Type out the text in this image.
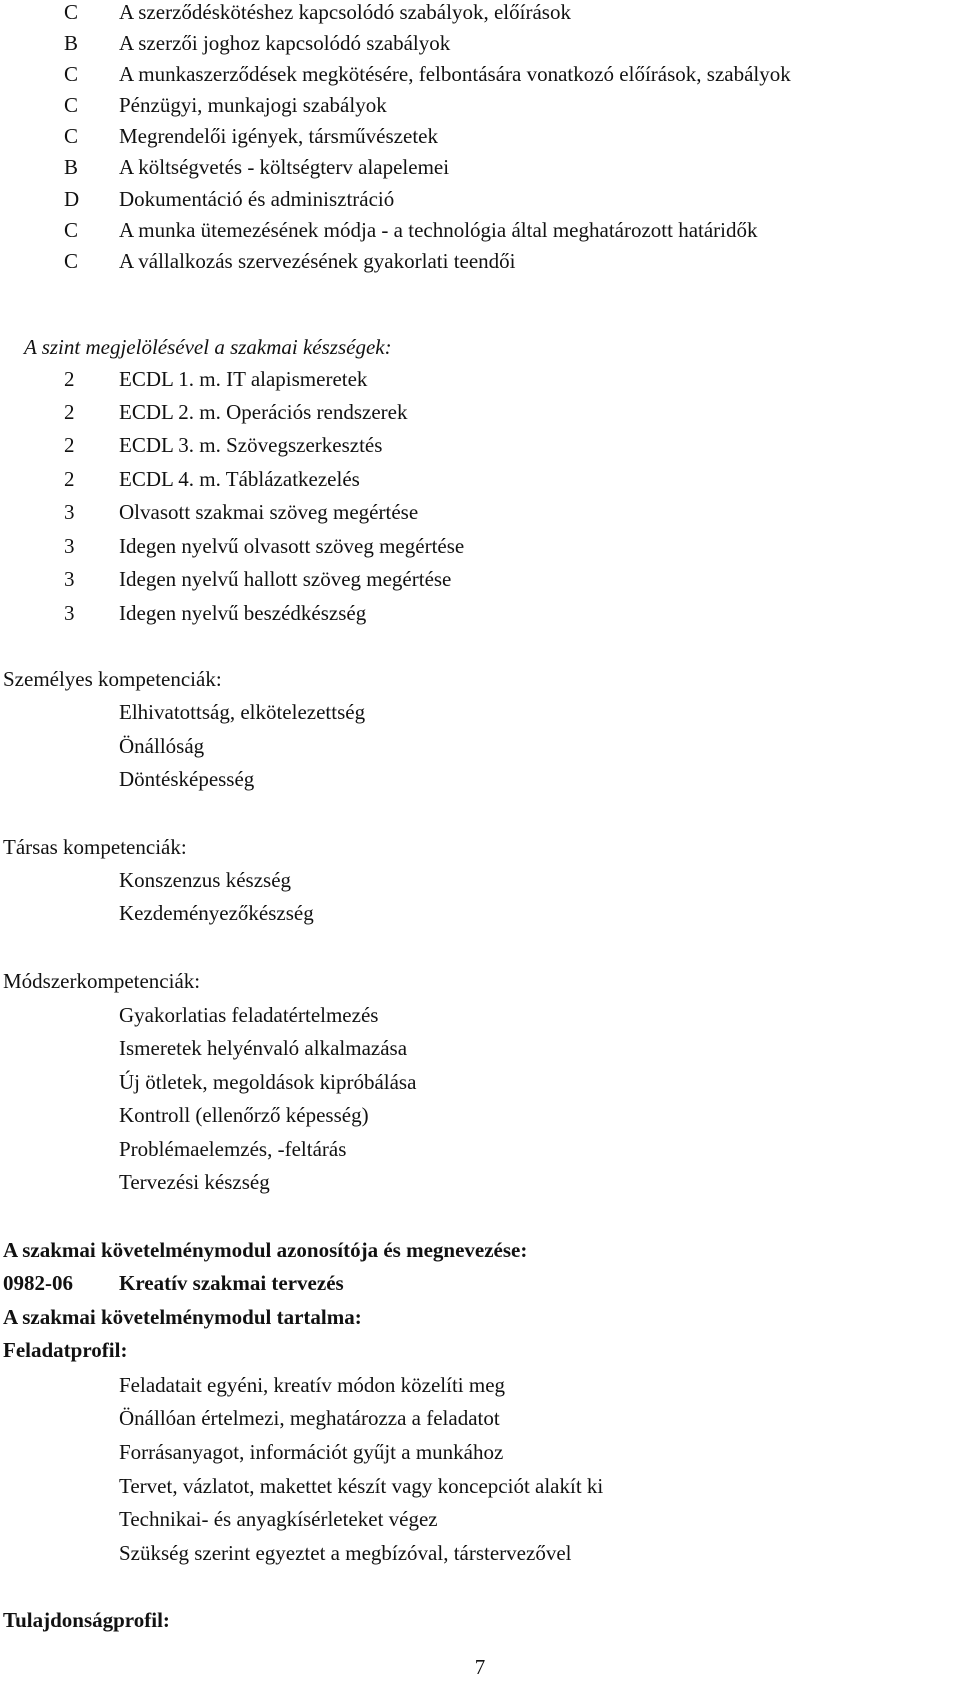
C A szerződéskötéshez kapcsolódó szabályok, előírások
B A szerzői joghoz kapcsolódó szabályok
C A munkaszerződések megkötésére, felbontására vonatkozó előírások, szabályok
C Pénzügyi, munkajogi szabályok
C Megrendelői igények, társművészetek
B A költségvetés - költségterv alapelemei
D Dokumentáció és adminisztráció
C A munka ütemezésének módja - a technológia által meghatározott határidők
C A vállalkozás szervezésének gyakorlati teendői
A szint megjelölésével a szakmai készségek:
2 ECDL 1. m. IT alapismeretek
2 ECDL 2. m. Operációs rendszerek
2 ECDL 3. m. Szövegszerkesztés
2 ECDL 4. m. Táblázatkezelés
3 Olvasott szakmai szöveg megértése
3 Idegen nyelvű olvasott szöveg megértése
3 Idegen nyelvű hallott szöveg megértése
3 Idegen nyelvű beszédkészség
Személyes kompetenciák:
Elhivatottság, elkötelezettség
Önállóság
Döntésképesség
Társas kompetenciák:
Konszenzus készség
Kezdeményezőkészség
Módszerkompetenciák:
Gyakorlatias feladatértelmezés
Ismeretek helyénvaló alkalmazása
Új ötletek, megoldások kipróbálása
Kontroll (ellenőrző képesség)
Problémaelemzés, -feltárás
Tervezési készség
A szakmai követelménymodul azonosítója és megnevezése:
0982-06 Kreatív szakmai tervezés
A szakmai követelménymodul tartalma:
Feladatprofil:
Feladatait egyéni, kreatív módon közelíti meg
Önállóan értelmezi, meghatározza a feladatot
Forrásanyagot, információt gyűjt a munkához
Tervet, vázlatot, makettet készít vagy koncepciót alakít ki
Technikai- és anyagkísérleteket végez
Szükség szerint egyeztet a megbízóval, társtervezővel
Tulajdonságprofil:
7
